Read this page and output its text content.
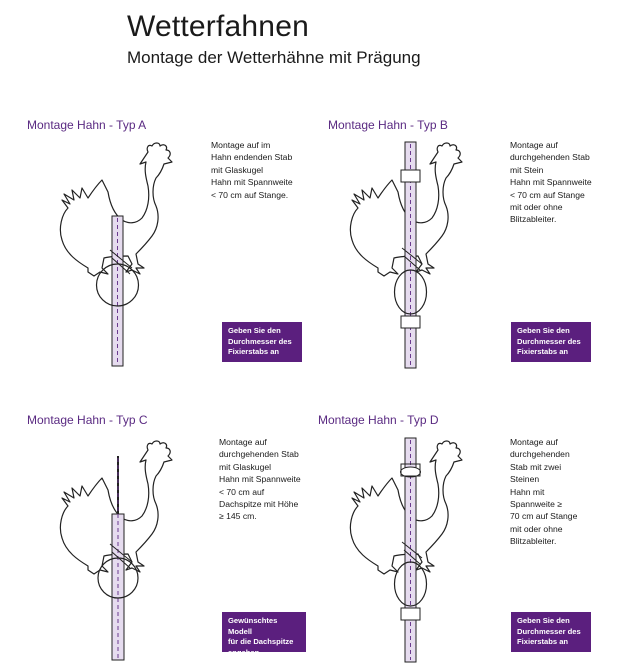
Wetterfahnen
Montage der Wetterhähne mit Prägung
Montage Hahn - Typ A
Montage auf im
Hahn endenden Stab
mit Glaskugel
Hahn mit Spannweite
< 70 cm auf Stange.
Geben Sie den
Durchmesser des
Fixierstabs an
Montage Hahn - Typ B
Montage auf
durchgehenden Stab
mit Stein
Hahn mit Spannweite
< 70 cm auf Stange
mit oder ohne
Blitzableiter.
Geben Sie den
Durchmesser des
Fixierstabs an
Montage Hahn - Typ C
Montage auf
durchgehenden Stab
mit Glaskugel
Hahn mit Spannweite
< 70 cm auf
Dachspitze mit Höhe
≥ 145 cm.
Gewünschtes Modell
für die Dachspitze
angeben.
Montage Hahn - Typ D
Montage auf
durchgehenden
Stab mit zwei
Steinen
Hahn mit
Spannweite ≥
70 cm auf Stange
mit oder ohne
Blitzableiter.
Geben Sie den
Durchmesser des
Fixierstabs an
